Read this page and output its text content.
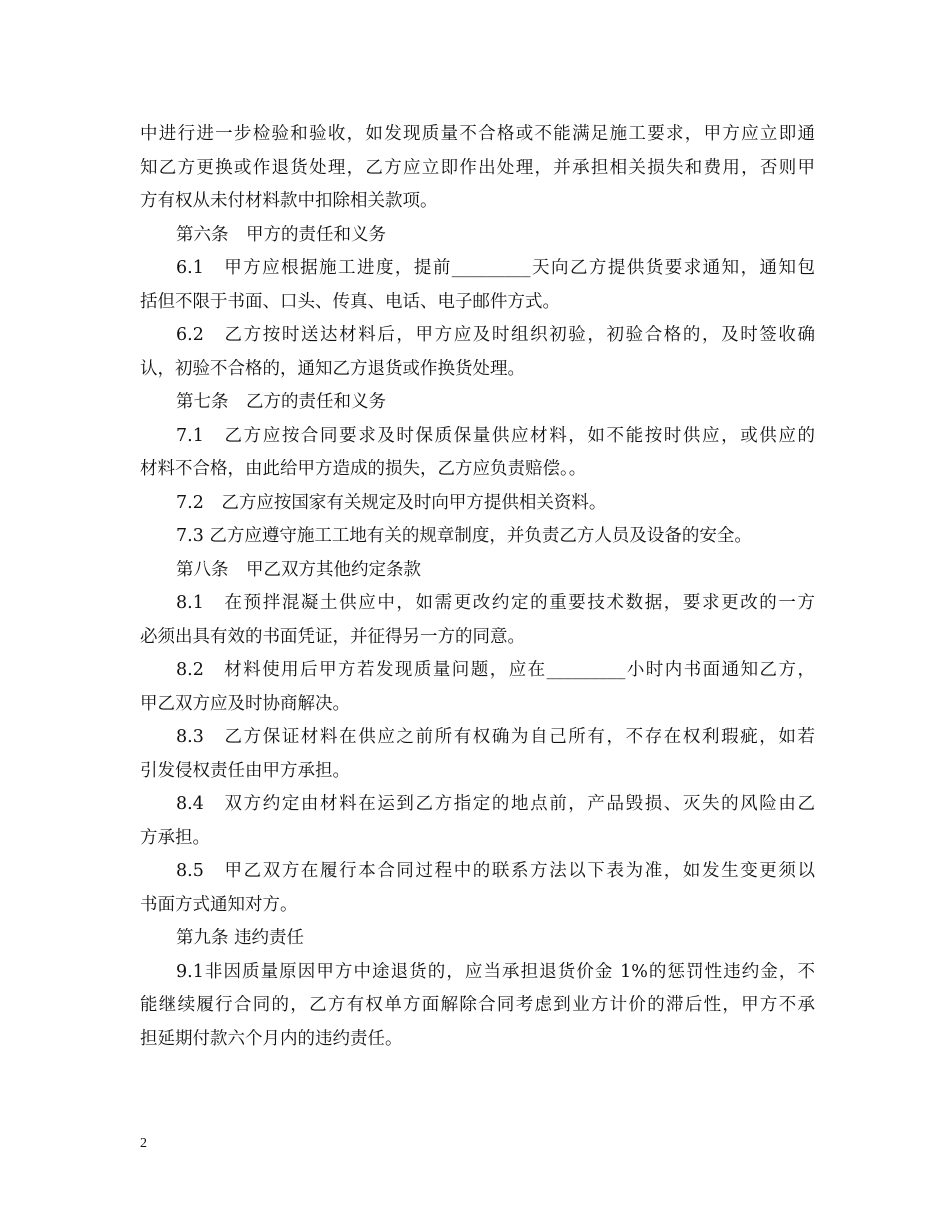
中进行进一步检验和验收，如发现质量不合格或不能满足施工要求，甲方应立即通
知乙方更换或作退货处理，乙方应立即作出处理，并承担相关损失和费用，否则甲
方有权从未付材料款中扣除相关款项。
第六条　甲方的责任和义务
6.1　甲方应根据施工进度，提前_________天向乙方提供货要求通知，通知包
括但不限于书面、口头、传真、电话、电子邮件方式。
6.2　乙方按时送达材料后，甲方应及时组织初验，初验合格的，及时签收确
认，初验不合格的，通知乙方退货或作换货处理。
第七条　乙方的责任和义务
7.1　乙方应按合同要求及时保质保量供应材料，如不能按时供应，或供应的
材料不合格，由此给甲方造成的损失，乙方应负责赔偿。。
7.2　乙方应按国家有关规定及时向甲方提供相关资料。
7.3 乙方应遵守施工工地有关的规章制度，并负责乙方人员及设备的安全。
第八条　甲乙双方其他约定条款
8.1　在预拌混凝土供应中，如需更改约定的重要技术数据，要求更改的一方
必须出具有效的书面凭证，并征得另一方的同意。
8.2　材料使用后甲方若发现质量问题，应在_________小时内书面通知乙方，
甲乙双方应及时协商解决。
8.3　乙方保证材料在供应之前所有权确为自己所有，不存在权利瑕疵，如若
引发侵权责任由甲方承担。
8.4　双方约定由材料在运到乙方指定的地点前，产品毁损、灭失的风险由乙
方承担。
8.5　甲乙双方在履行本合同过程中的联系方法以下表为准，如发生变更须以
书面方式通知对方。
第九条 违约责任
9.1非因质量原因甲方中途退货的，应当承担退货价金 1%的惩罚性违约金，不
能继续履行合同的，乙方有权单方面解除合同考虑到业方计价的滞后性，甲方不承
担延期付款六个月内的违约责任。
2
